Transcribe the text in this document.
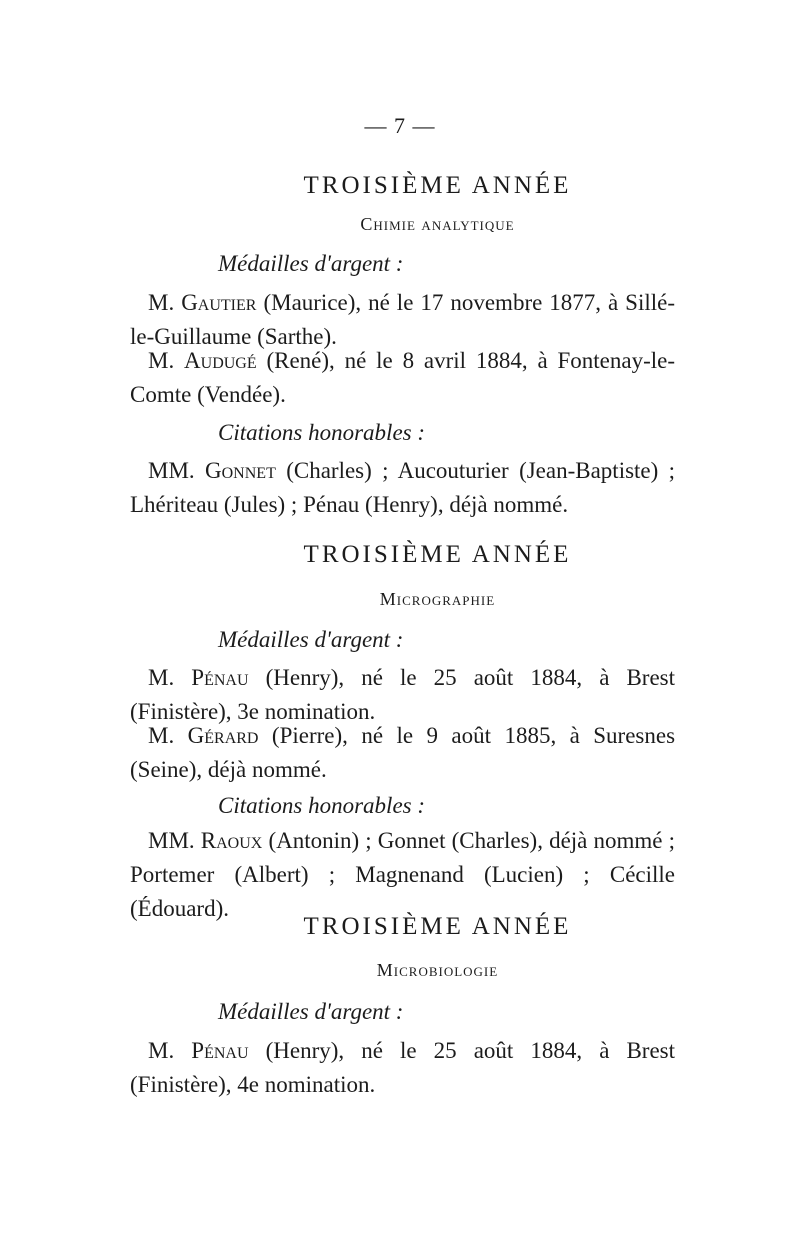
— 7 —

TROISIÈME ANNÉE

Chimie analytique

Médailles d'argent :

M. Gautier (Maurice), né le 17 novembre 1877, à Sillé-le-Guillaume (Sarthe).

M. Audugé (René), né le 8 avril 1884, à Fontenay-le-Comte (Vendée).

Citations honorables :

MM. Gonnet (Charles) ; Aucouturier (Jean-Baptiste) ; Lhériteau (Jules) ; Pénau (Henry), déjà nommé.

TROISIÈME ANNÉE

Micrographie

Médailles d'argent :

M. Pénau (Henry), né le 25 août 1884, à Brest (Finistère), 3e nomination.

M. Gérard (Pierre), né le 9 août 1885, à Suresnes (Seine), déjà nommé.

Citations honorables :

MM. Raoux (Antonin) ; Gonnet (Charles), déjà nommé ; Portemer (Albert) ; Magnenand (Lucien) ; Cécille (Édouard).

TROISIÈME ANNÉE

Microbiologie

Médailles d'argent :

M. Pénau (Henry), né le 25 août 1884, à Brest (Finistère), 4e nomination.
